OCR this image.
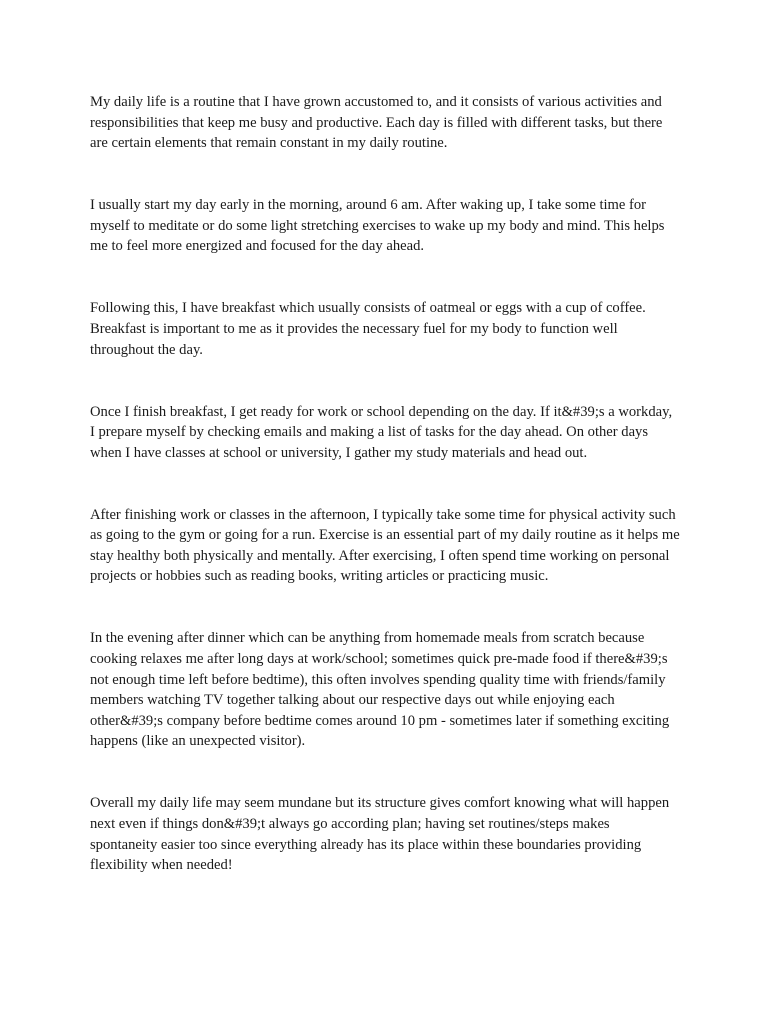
My daily life is a routine that I have grown accustomed to, and it consists of various activities and responsibilities that keep me busy and productive. Each day is filled with different tasks, but there are certain elements that remain constant in my daily routine.

I usually start my day early in the morning, around 6 am. After waking up, I take some time for myself to meditate or do some light stretching exercises to wake up my body and mind. This helps me to feel more energized and focused for the day ahead.

Following this, I have breakfast which usually consists of oatmeal or eggs with a cup of coffee. Breakfast is important to me as it provides the necessary fuel for my body to function well throughout the day.

Once I finish breakfast, I get ready for work or school depending on the day. If it&#39;s a workday, I prepare myself by checking emails and making a list of tasks for the day ahead. On other days when I have classes at school or university, I gather my study materials and head out.

After finishing work or classes in the afternoon, I typically take some time for physical activity such as going to the gym or going for a run. Exercise is an essential part of my daily routine as it helps me stay healthy both physically and mentally. After exercising, I often spend time working on personal projects or hobbies such as reading books, writing articles or practicing music.

In the evening after dinner which can be anything from homemade meals from scratch because cooking relaxes me after long days at work/school; sometimes quick pre-made food if there&#39;s not enough time left before bedtime), this often involves spending quality time with friends/family members watching TV together talking about our respective days out while enjoying each other&#39;s company before bedtime comes around 10 pm - sometimes later if something exciting happens (like an unexpected visitor).

Overall my daily life may seem mundane but its structure gives comfort knowing what will happen next even if things don&#39;t always go according plan; having set routines/steps makes spontaneity easier too since everything already has its place within these boundaries providing flexibility when needed!
